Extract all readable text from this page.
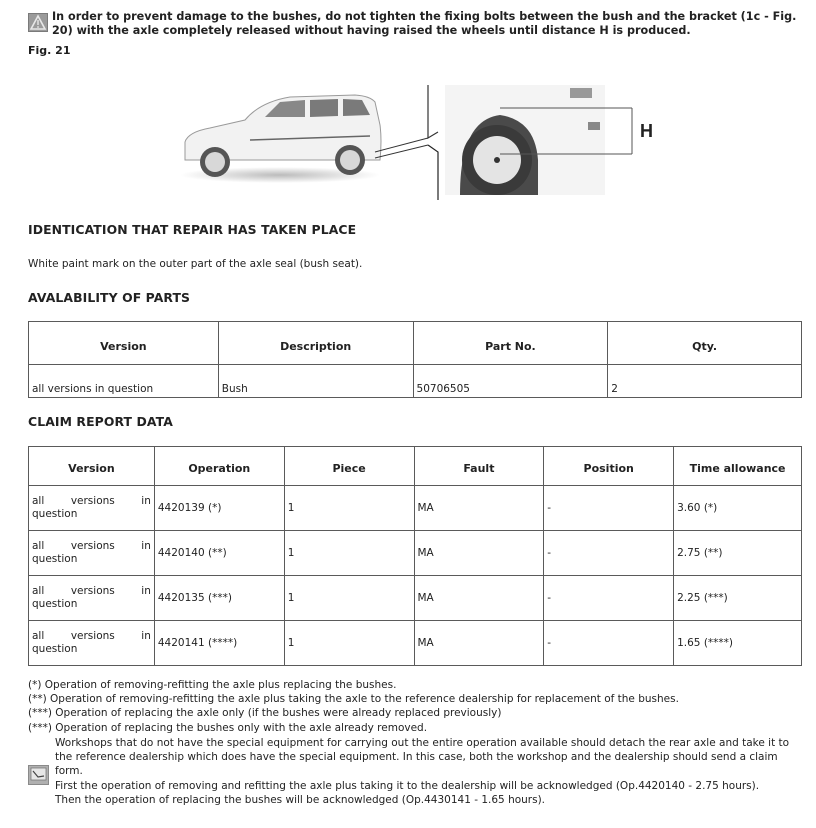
In order to prevent damage to the bushes, do not tighten the fixing bolts between the bush and the bracket (1c - Fig. 20) with the axle completely released without having raised the wheels until distance H is produced.
Fig. 21
H
IDENTICATION THAT REPAIR HAS TAKEN PLACE
White paint mark on the outer part of the axle seal (bush seat).
AVALABILITY OF PARTS
Version	Description	Part No.	Qty.
all versions in question	Bush	50706505	2
CLAIM REPORT DATA
Version	Operation	Piece	Fault	Position	Time allowance

all versions in
question	4420139 (*)	1	MA	-	3.60 (*)

all versions in
question	4420140 (**)	1	MA	-	2.75 (**)

all versions in
question	4420135 (***)	1	MA	-	2.25 (***)

all versions in
question	4420141 (****)	1	MA	-	1.65 (****)
(*) Operation of removing-refitting the axle plus replacing the bushes.
(**) Operation of removing-refitting the axle plus taking the axle to the reference dealership for replacement of the bushes.
(***) Operation of replacing the axle only (if the bushes were already replaced previously)
(***) Operation of replacing the bushes only with the axle already removed.
Workshops that do not have the special equipment for carrying out the entire operation available should detach the rear axle and take it to the reference dealership which does have the special equipment. In this case, both the workshop and the dealership should send a claim form.
First the operation of removing and refitting the axle plus taking it to the dealership will be acknowledged (Op.4420140 - 2.75 hours).
Then the operation of replacing the bushes will be acknowledged (Op.4430141 - 1.65 hours).
